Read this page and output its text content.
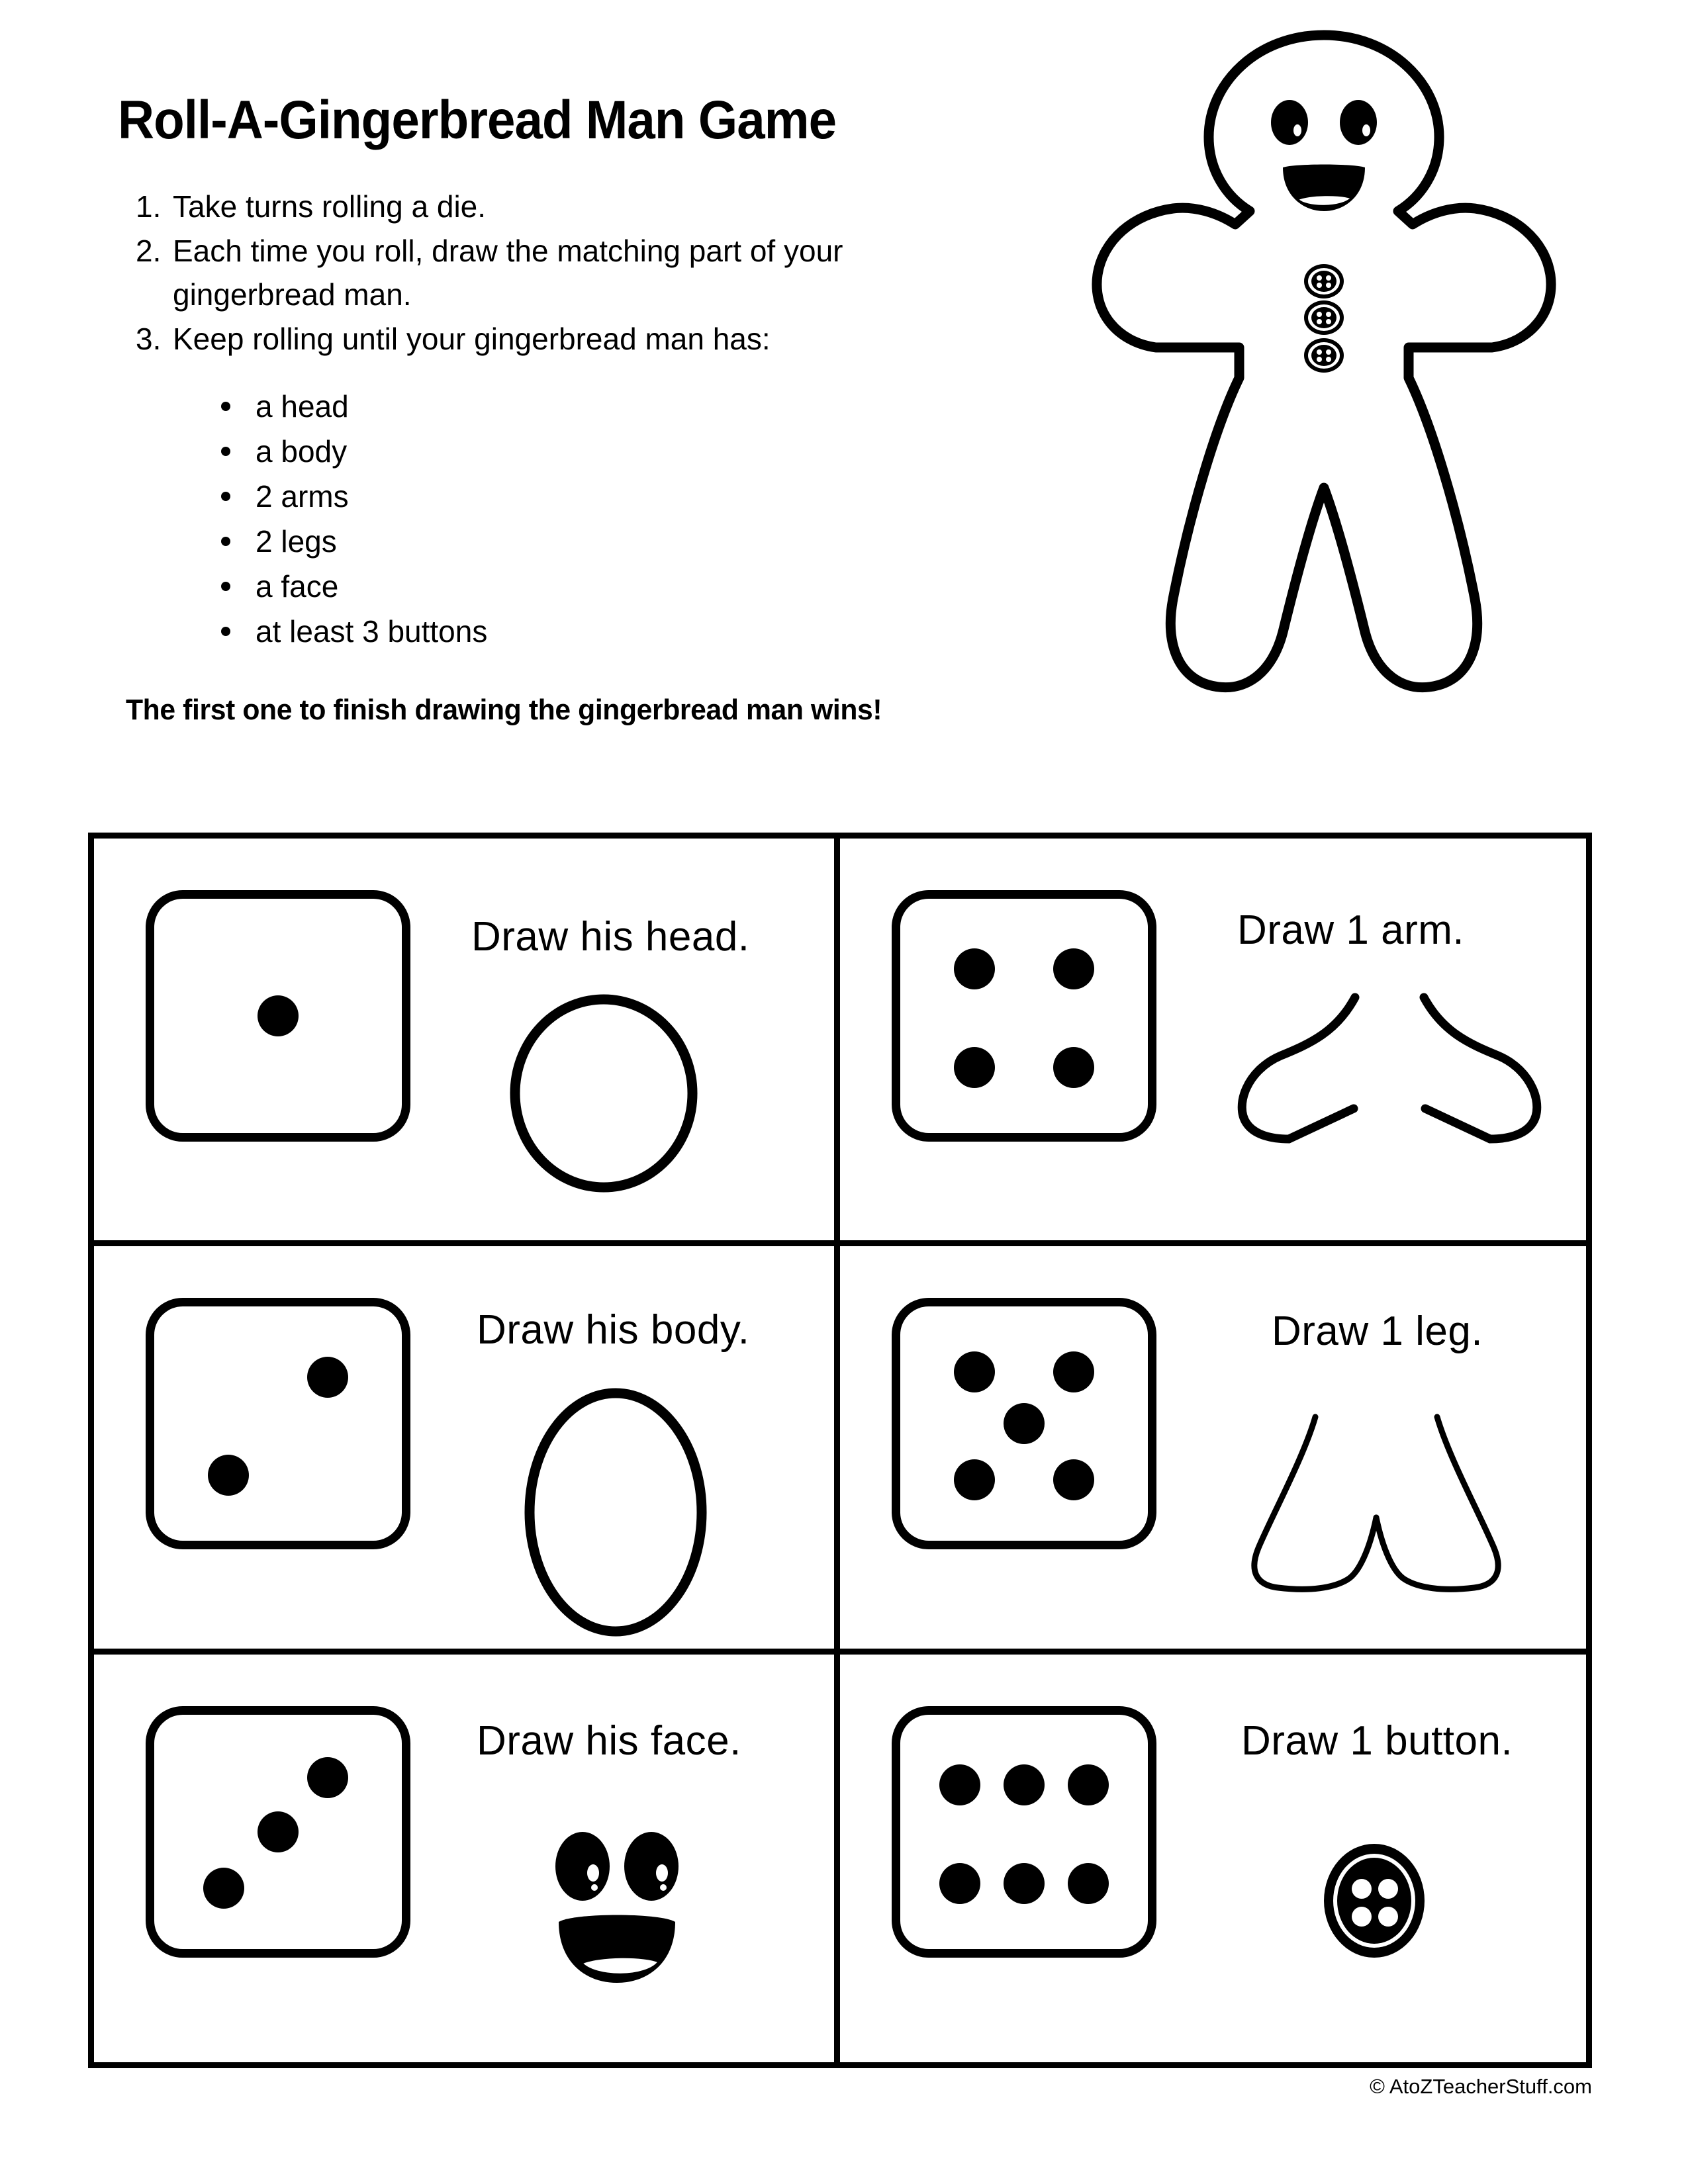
Roll-A-Gingerbread Man Game
1. Take turns rolling a die.
2. Each time you roll, draw the matching part of your gingerbread man.
3. Keep rolling until your gingerbread man has:
a head
a body
2 arms
2 legs
a face
at least 3 buttons
The first one to finish drawing the gingerbread man wins!
Draw his head.	Draw 1 arm.
Draw his body.	Draw 1 leg.
Draw his face.	Draw 1 button.
© AtoZTeacherStuff.com
